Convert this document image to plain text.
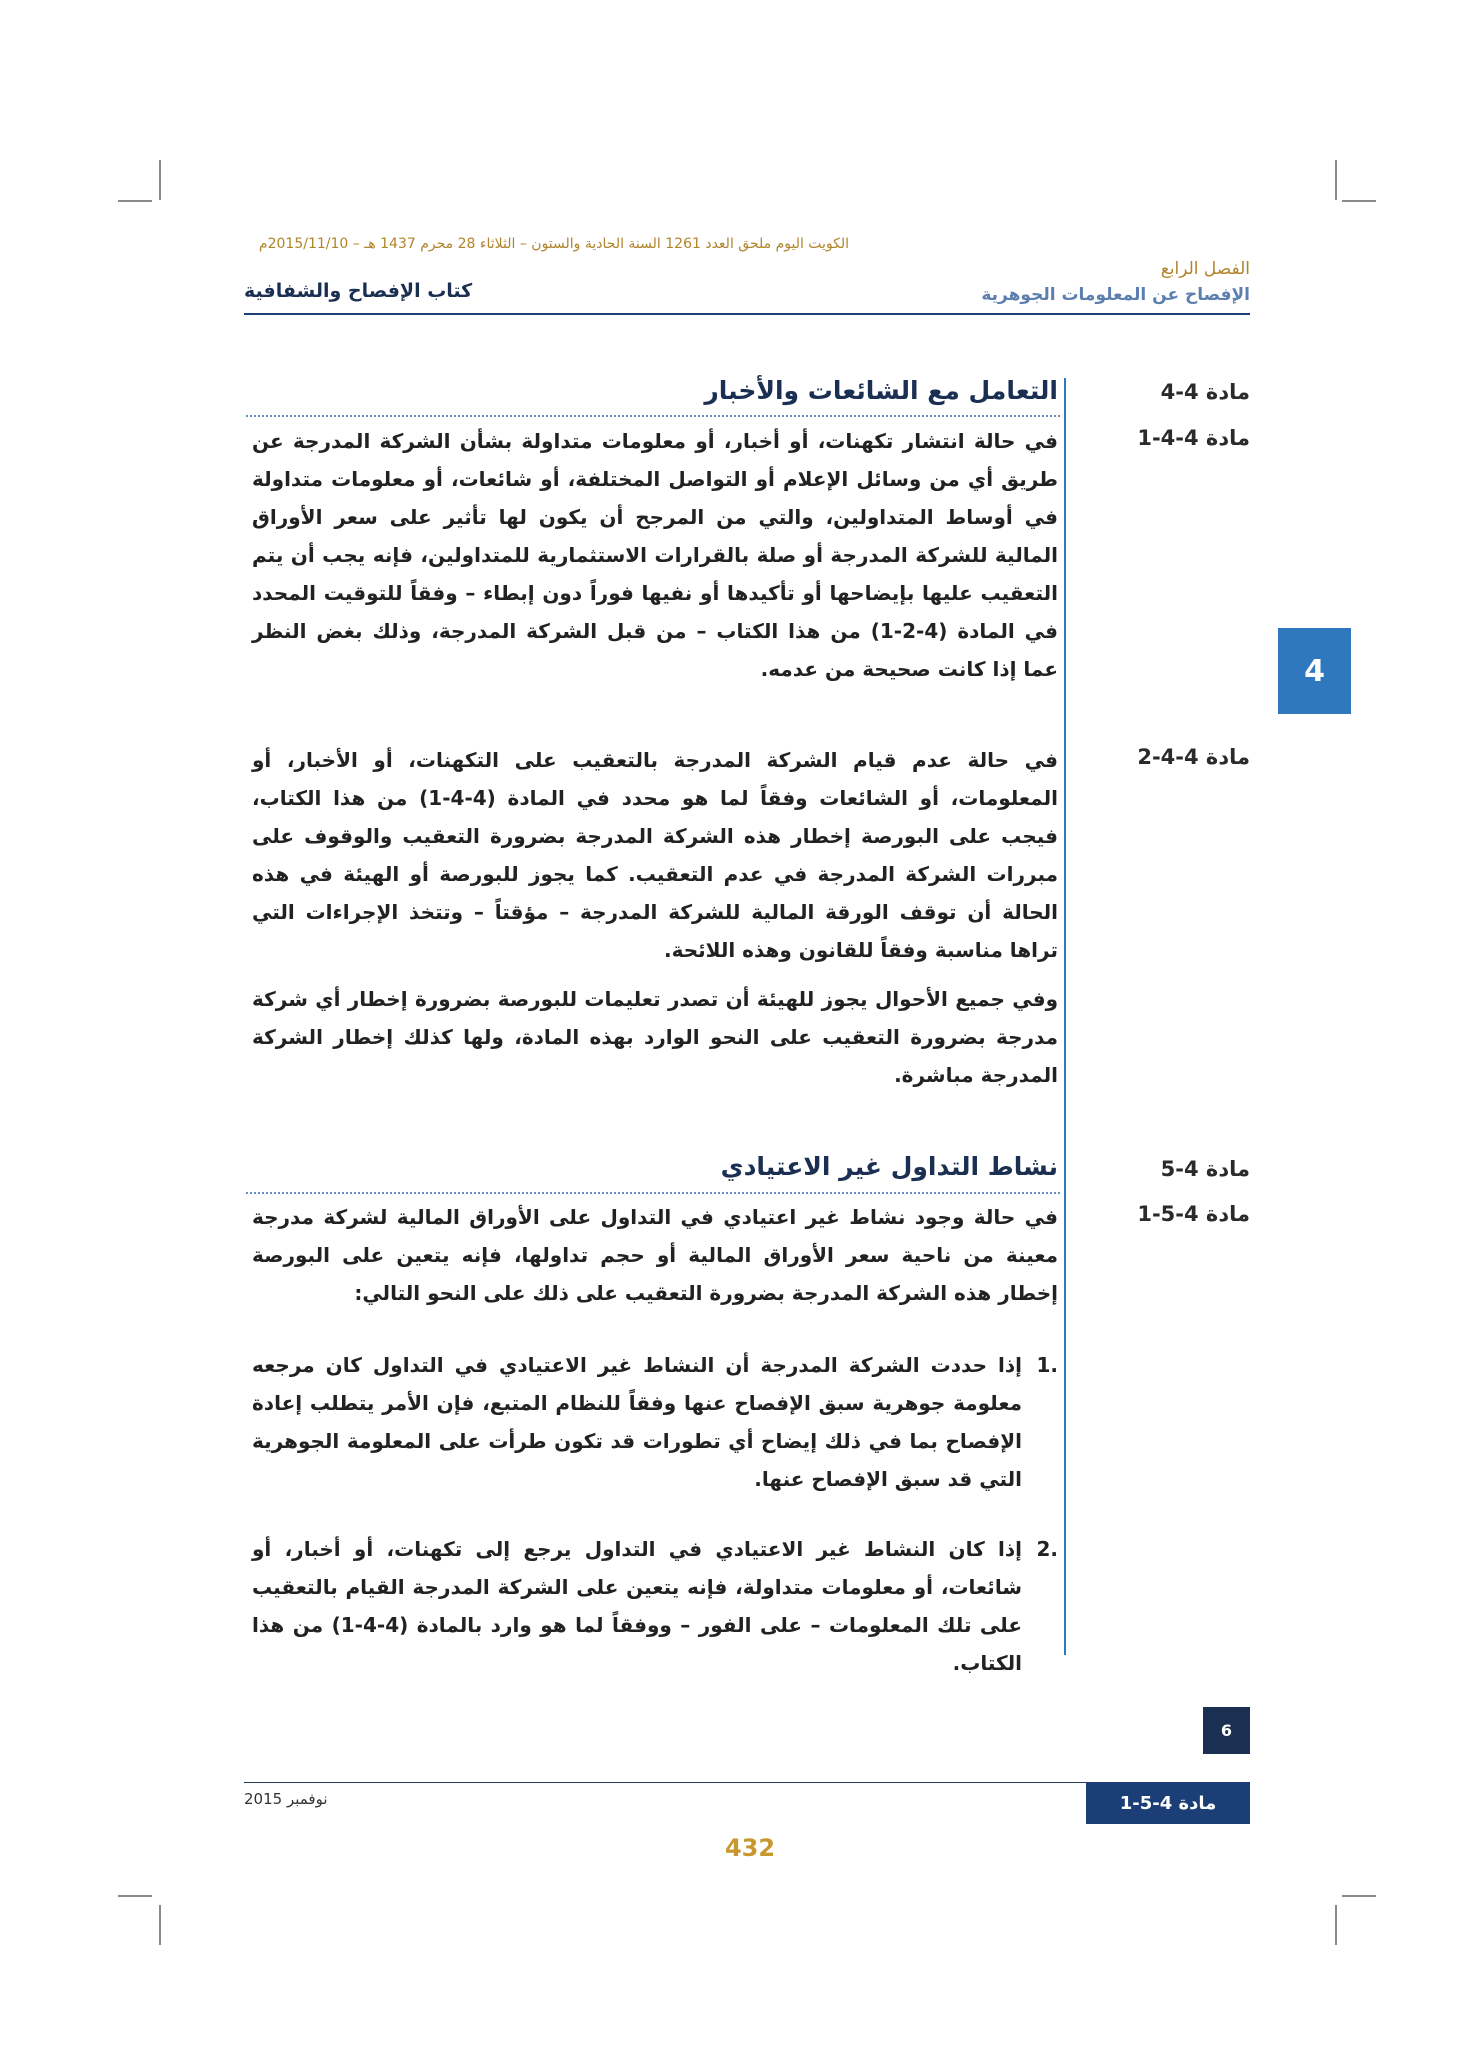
الكويت اليوم ملحق العدد 1261 السنة الحادية والستون – الثلاثاء 28 محرم 1437 هـ – 2015/11/10م
الفصل الرابع
الإفصاح عن المعلومات الجوهرية
كتاب الإفصاح والشفافية
4
مادة 4-4
التعامل مع الشائعات والأخبار
مادة 4-4-1

في حالة انتشار تكهنات، أو أخبار، أو معلومات متداولة بشأن الشركة المدرجة عن طريق أي من وسائل الإعلام أو التواصل المختلفة، أو شائعات، أو معلومات متداولة في أوساط المتداولين، والتي من المرجح أن يكون لها تأثير على سعر الأوراق المالية للشركة المدرجة أو صلة بالقرارات الاستثمارية للمتداولين، فإنه يجب أن يتم التعقيب عليها بإيضاحها أو تأكيدها أو نفيها فوراً دون إبطاء – وفقاً للتوقيت المحدد في المادة (4-2-1) من هذا الكتاب – من قبل الشركة المدرجة، وذلك بغض النظر عما إذا كانت صحيحة من عدمه.

مادة 4-4-2

في حالة عدم قيام الشركة المدرجة بالتعقيب على التكهنات، أو الأخبار، أو المعلومات، أو الشائعات وفقاً لما هو محدد في المادة (4-4-1) من هذا الكتاب، فيجب على البورصة إخطار هذه الشركة المدرجة بضرورة التعقيب والوقوف على مبررات الشركة المدرجة في عدم التعقيب. كما يجوز للبورصة أو الهيئة في هذه الحالة أن توقف الورقة المالية للشركة المدرجة – مؤقتاً – وتتخذ الإجراءات التي تراها مناسبة وفقاً للقانون وهذه اللائحة.

وفي جميع الأحوال يجوز للهيئة أن تصدر تعليمات للبورصة بضرورة إخطار أي شركة مدرجة بضرورة التعقيب على النحو الوارد بهذه المادة، ولها كذلك إخطار الشركة المدرجة مباشرة.

مادة 4-5
نشاط التداول غير الاعتيادي
مادة 4-5-1

في حالة وجود نشاط غير اعتيادي في التداول على الأوراق المالية لشركة مدرجة معينة من ناحية سعر الأوراق المالية أو حجم تداولها، فإنه يتعين على البورصة إخطار هذه الشركة المدرجة بضرورة التعقيب على ذلك على النحو التالي:

1.

إذا حددت الشركة المدرجة أن النشاط غير الاعتيادي في التداول كان مرجعه معلومة جوهرية سبق الإفصاح عنها وفقاً للنظام المتبع، فإن الأمر يتطلب إعادة الإفصاح بما في ذلك إيضاح أي تطورات قد تكون طرأت على المعلومة الجوهرية التي قد سبق الإفصاح عنها.

2.

إذا كان النشاط غير الاعتيادي في التداول يرجع إلى تكهنات، أو أخبار، أو شائعات، أو معلومات متداولة، فإنه يتعين على الشركة المدرجة القيام بالتعقيب على تلك المعلومات – على الفور – ووفقاً لما هو وارد بالمادة (4-4-1) من هذا الكتاب.

6
نوفمبر 2015	مادة 4-5-1
432
